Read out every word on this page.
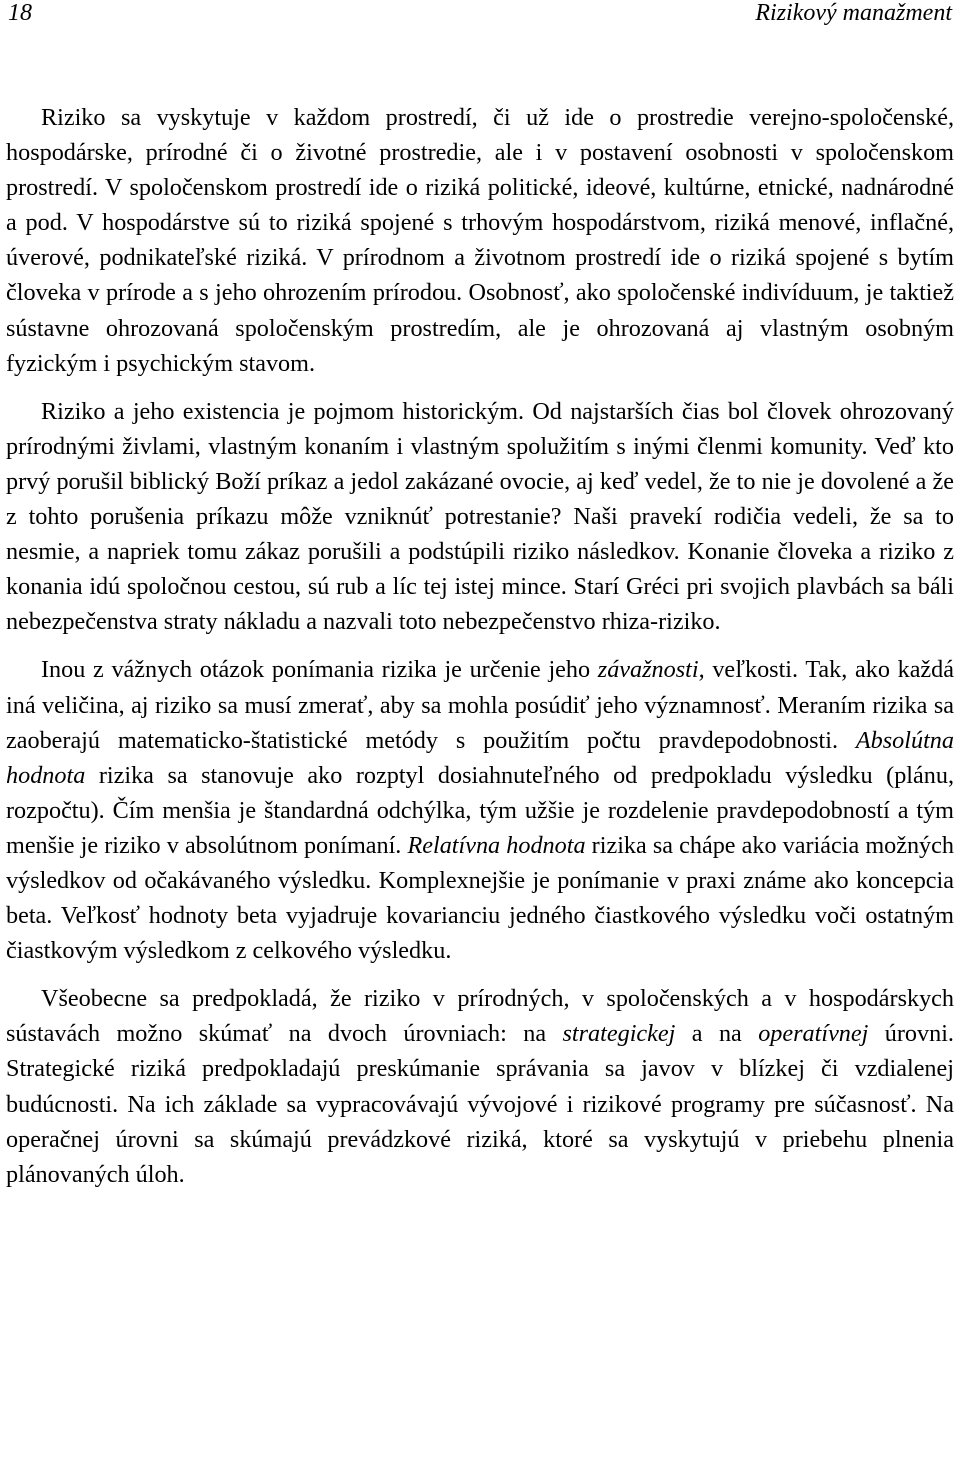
18	Rizikový manažment

Riziko sa vyskytuje v každom prostredí, či už ide o prostredie verejno-spoločenské, hospodárske, prírodné či o životné prostredie, ale i v postavení osobnosti v spoločenskom prostredí. V spoločenskom prostredí ide o riziká politické, ideové, kultúrne, etnické, nadnárodné a pod. V hospodárstve sú to riziká spojené s trhovým hospodárstvom, riziká menové, inflačné, úverové, podnikateľské riziká. V prírodnom a životnom prostredí ide o riziká spojené s bytím človeka v prírode a s jeho ohrozením prírodou. Osobnosť, ako spoločenské indivíduum, je taktiež sústavne ohrozovaná spoločenským prostredím, ale je ohrozovaná aj vlastným osobným fyzickým i psychickým stavom.

Riziko a jeho existencia je pojmom historickým. Od najstarších čias bol človek ohrozovaný prírodnými živlami, vlastným konaním i vlastným spolužitím s inými členmi komunity. Veď kto prvý porušil biblický Boží príkaz a jedol zakázané ovocie, aj keď vedel, že to nie je dovolené a že z tohto porušenia príkazu môže vzniknúť potrestanie? Naši pravekí rodičia vedeli, že sa to nesmie, a napriek tomu zákaz porušili a podstúpili riziko následkov. Konanie človeka a riziko z konania idú spoločnou cestou, sú rub a líc tej istej mince. Starí Gréci pri svojich plavbách sa báli nebezpečenstva straty nákladu a nazvali toto nebezpečenstvo rhiza-riziko.

Inou z vážnych otázok ponímania rizika je určenie jeho závažnosti, veľkosti. Tak, ako každá iná veličina, aj riziko sa musí zmerať, aby sa mohla posúdiť jeho významnosť. Meraním rizika sa zaoberajú matematicko-štatistické metódy s použitím počtu pravdepodobnosti. Absolútna hodnota rizika sa stanovuje ako rozptyl dosiahnuteľného od predpokladu výsledku (plánu, rozpočtu). Čím menšia je štandardná odchýlka, tým užšie je rozdelenie pravdepodobností a tým menšie je riziko v absolútnom ponímaní. Relatívna hodnota rizika sa chápe ako variácia možných výsledkov od očakávaného výsledku. Komplexnejšie je ponímanie v praxi známe ako koncepcia beta. Veľkosť hodnoty beta vyjadruje kovarianciu jedného čiastkového výsledku voči ostatným čiastkovým výsledkom z celkového výsledku.

Všeobecne sa predpokladá, že riziko v prírodných, v spoločenských a v hospodárskych sústavách možno skúmať na dvoch úrovniach: na strategickej a na operatívnej úrovni. Strategické riziká predpokladajú preskúmanie správania sa javov v blízkej či vzdialenej budúcnosti. Na ich základe sa vypracovávajú vývojové i rizikové programy pre súčasnosť. Na operačnej úrovni sa skúmajú prevádzkové riziká, ktoré sa vyskytujú v priebehu plnenia plánovaných úloh.
